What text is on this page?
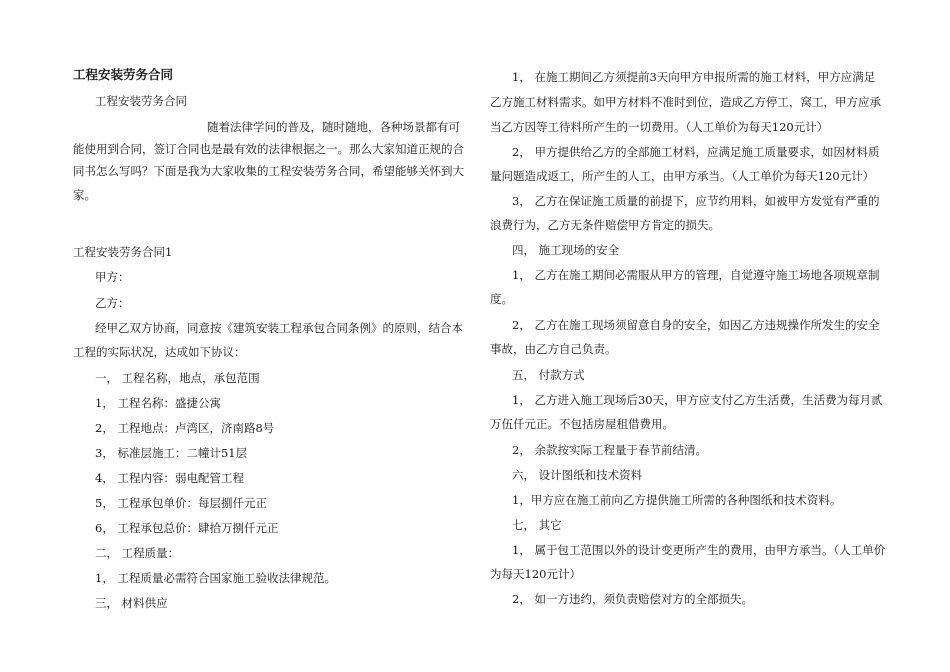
工程安装劳务合同
工程安装劳务合同
随着法律学问的普及，随时随地，各种场景都有可
能使用到合同，签订合同也是最有效的法律根据之一。那么大家知道正规的合
同书怎么写吗？下面是我为大家收集的工程安装劳务合同，希望能够关怀到大
家。
工程安装劳务合同1
甲方：
乙方：
经甲乙双方协商，同意按《建筑安装工程承包合同条例》的原则，结合本
工程的实际状况，达成如下协议：
一， 工程名称，地点，承包范围
1， 工程名称：盛捷公寓
2， 工程地点：卢湾区，济南路8号
3， 标准层施工：二幢计51层
4， 工程内容：弱电配管工程
5， 工程承包单价：每层捌仟元正
6， 工程承包总价：肆拾万捌仟元正
二， 工程质量：
1， 工程质量必需符合国家施工验收法律规范。
三， 材料供应
1， 在施工期间乙方须提前3天向甲方申报所需的施工材料，甲方应满足
乙方施工材料需求。如甲方材料不准时到位，造成乙方停工，窝工，甲方应承
当乙方因等工待料所产生的一切费用。（人工单价为每天120元计）
2， 甲方提供给乙方的全部施工材料，应满足施工质量要求，如因材料质
量问题造成返工，所产生的人工，由甲方承当。（人工单价为每天120元计）
3， 乙方在保证施工质量的前提下，应节约用料，如被甲方发觉有严重的
浪费行为，乙方无条件赔偿甲方肯定的损失。
四， 施工现场的安全
1， 乙方在施工期间必需服从甲方的管理，自觉遵守施工场地各项规章制
度。
2， 乙方在施工现场须留意自身的安全，如因乙方违规操作所发生的安全
事故，由乙方自己负责。
五， 付款方式
1， 乙方进入施工现场后30天，甲方应支付乙方生活费，生活费为每月贰
万伍仟元正。不包括房屋租借费用。
2， 余款按实际工程量于春节前结清。
六， 设计图纸和技术资料
1，甲方应在施工前向乙方提供施工所需的各种图纸和技术资料。
七， 其它
1， 属于包工范围以外的设计变更所产生的费用，由甲方承当。（人工单价
为每天120元计）
2， 如一方违约，须负责赔偿对方的全部损失。
